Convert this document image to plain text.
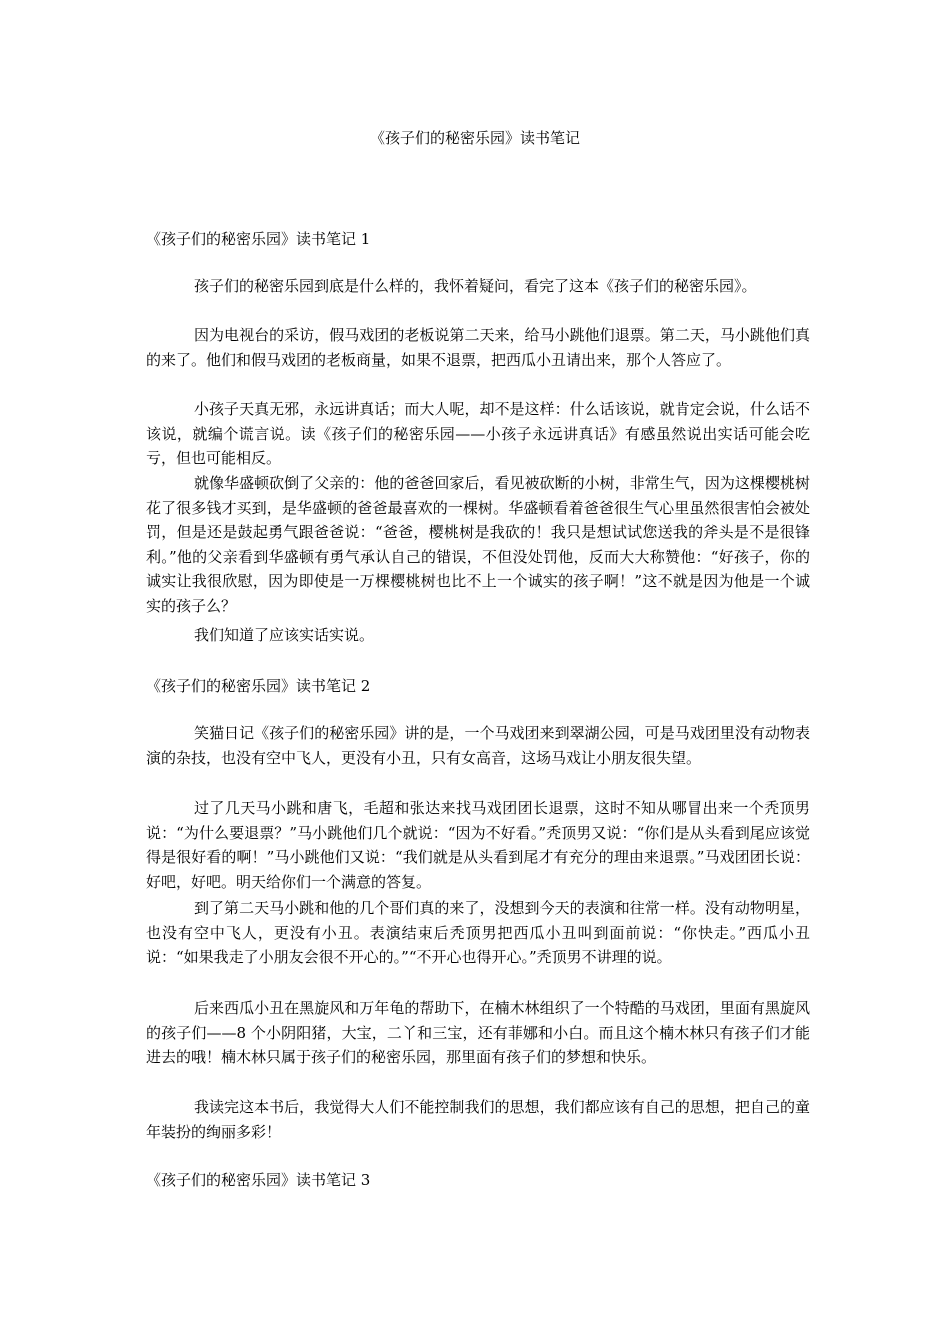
《孩子们的秘密乐园》读书笔记
《孩子们的秘密乐园》读书笔记 1

孩子们的秘密乐园到底是什么样的，我怀着疑问，看完了这本《孩子们的秘密乐园》。

因为电视台的采访，假马戏团的老板说第二天来，给马小跳他们退票。第二天，马小跳他们真的来了。他们和假马戏团的老板商量，如果不退票，把西瓜小丑请出来，那个人答应了。

小孩子天真无邪，永远讲真话；而大人呢，却不是这样：什么话该说，就肯定会说，什么话不该说，就编个谎言说。读《孩子们的秘密乐园——小孩子永远讲真话》有感虽然说出实话可能会吃亏，但也可能相反。

就像华盛顿砍倒了父亲的：他的爸爸回家后，看见被砍断的小树，非常生气，因为这棵樱桃树花了很多钱才买到，是华盛顿的爸爸最喜欢的一棵树。华盛顿看着爸爸很生气心里虽然很害怕会被处罚，但是还是鼓起勇气跟爸爸说：“爸爸，樱桃树是我砍的！我只是想试试您送我的斧头是不是很锋利。”他的父亲看到华盛顿有勇气承认自己的错误，不但没处罚他，反而大大称赞他：“好孩子，你的诚实让我很欣慰，因为即使是一万棵樱桃树也比不上一个诚实的孩子啊！”这不就是因为他是一个诚实的孩子么？

我们知道了应该实话实说。

《孩子们的秘密乐园》读书笔记 2

笑猫日记《孩子们的秘密乐园》讲的是，一个马戏团来到翠湖公园，可是马戏团里没有动物表演的杂技，也没有空中飞人，更没有小丑，只有女高音，这场马戏让小朋友很失望。

过了几天马小跳和唐飞，毛超和张达来找马戏团团长退票，这时不知从哪冒出来一个秃顶男说：“为什么要退票？”马小跳他们几个就说：“因为不好看。”秃顶男又说：“你们是从头看到尾应该觉得是很好看的啊！”马小跳他们又说：“我们就是从头看到尾才有充分的理由来退票。”马戏团团长说：好吧，好吧。明天给你们一个满意的答复。

到了第二天马小跳和他的几个哥们真的来了，没想到今天的表演和往常一样。没有动物明星，也没有空中飞人，更没有小丑。表演结束后秃顶男把西瓜小丑叫到面前说：“你快走。”西瓜小丑说：“如果我走了小朋友会很不开心的。”“不开心也得开心。”秃顶男不讲理的说。

后来西瓜小丑在黑旋风和万年龟的帮助下，在楠木林组织了一个特酷的马戏团，里面有黑旋风的孩子们——8 个小阴阳猪，大宝，二丫和三宝，还有菲娜和小白。而且这个楠木林只有孩子们才能进去的哦！楠木林只属于孩子们的秘密乐园，那里面有孩子们的梦想和快乐。

我读完这本书后，我觉得大人们不能控制我们的思想，我们都应该有自己的思想，把自己的童年装扮的绚丽多彩！

《孩子们的秘密乐园》读书笔记 3
